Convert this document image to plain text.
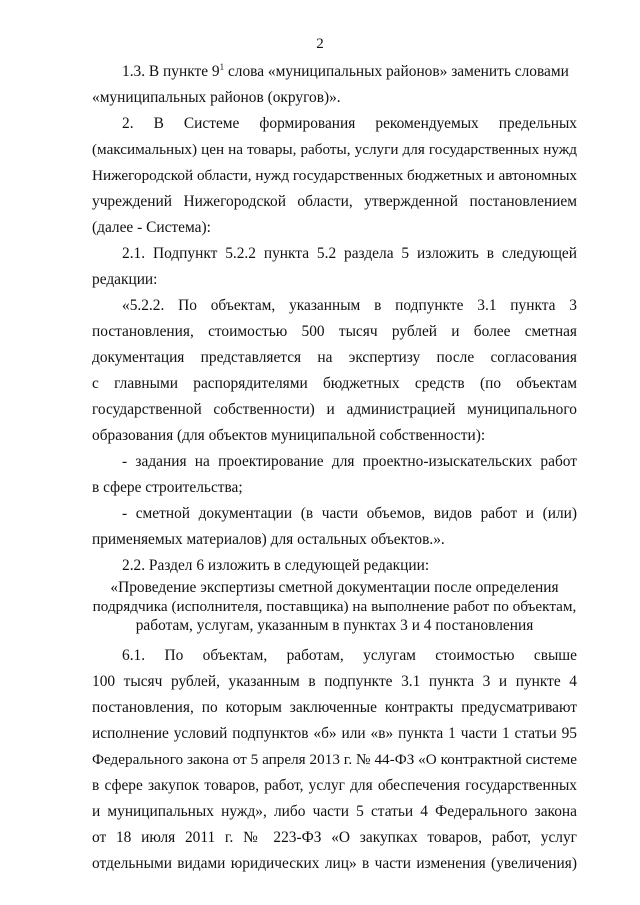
2
1.3. В пункте $9^1$ слова «муниципальных районов» заменить словами
«муниципальных районов (округов)».
2. В Системе формирования рекомендуемых предельных
(максимальных) цен на товары, работы, услуги для государственных нужд
Нижегородской области, нужд государственных бюджетных и автономных
учреждений Нижегородской области, утвержденной постановлением
(далее - Система):
2.1. Подпункт 5.2.2 пункта 5.2 раздела 5 изложить в следующей
редакции:
«5.2.2. По объектам, указанным в подпункте 3.1 пункта 3
постановления, стоимостью 500 тысяч рублей и более сметная
документация представляется на экспертизу после согласования
с главными распорядителями бюджетных средств (по объектам
государственной собственности) и администрацией муниципального
образования (для объектов муниципальной собственности):
- задания на проектирование для проектно-изыскательских работ
в сфере строительства;
- сметной документации (в части объемов, видов работ и (или)
применяемых материалов) для остальных объектов.».
2.2. Раздел 6 изложить в следующей редакции:
«Проведение экспертизы сметной документации после определения
подрядчика (исполнителя, поставщика) на выполнение работ по объектам,
работам, услугам, указанным в пунктах 3 и 4 постановления
6.1. По объектам, работам, услугам стоимостью свыше
100 тысяч рублей, указанным в подпункте 3.1 пункта 3 и пункте 4
постановления, по которым заключенные контракты предусматривают
исполнение условий подпунктов «б» или «в» пункта 1 части 1 статьи 95
Федерального закона от 5 апреля 2013 г. № 44-ФЗ «О контрактной системе
в сфере закупок товаров, работ, услуг для обеспечения государственных
и муниципальных нужд», либо части 5 статьи 4 Федерального закона
от 18 июля 2011 г. № 223-ФЗ «О закупках товаров, работ, услуг
отдельными видами юридических лиц» в части изменения (увеличения)
